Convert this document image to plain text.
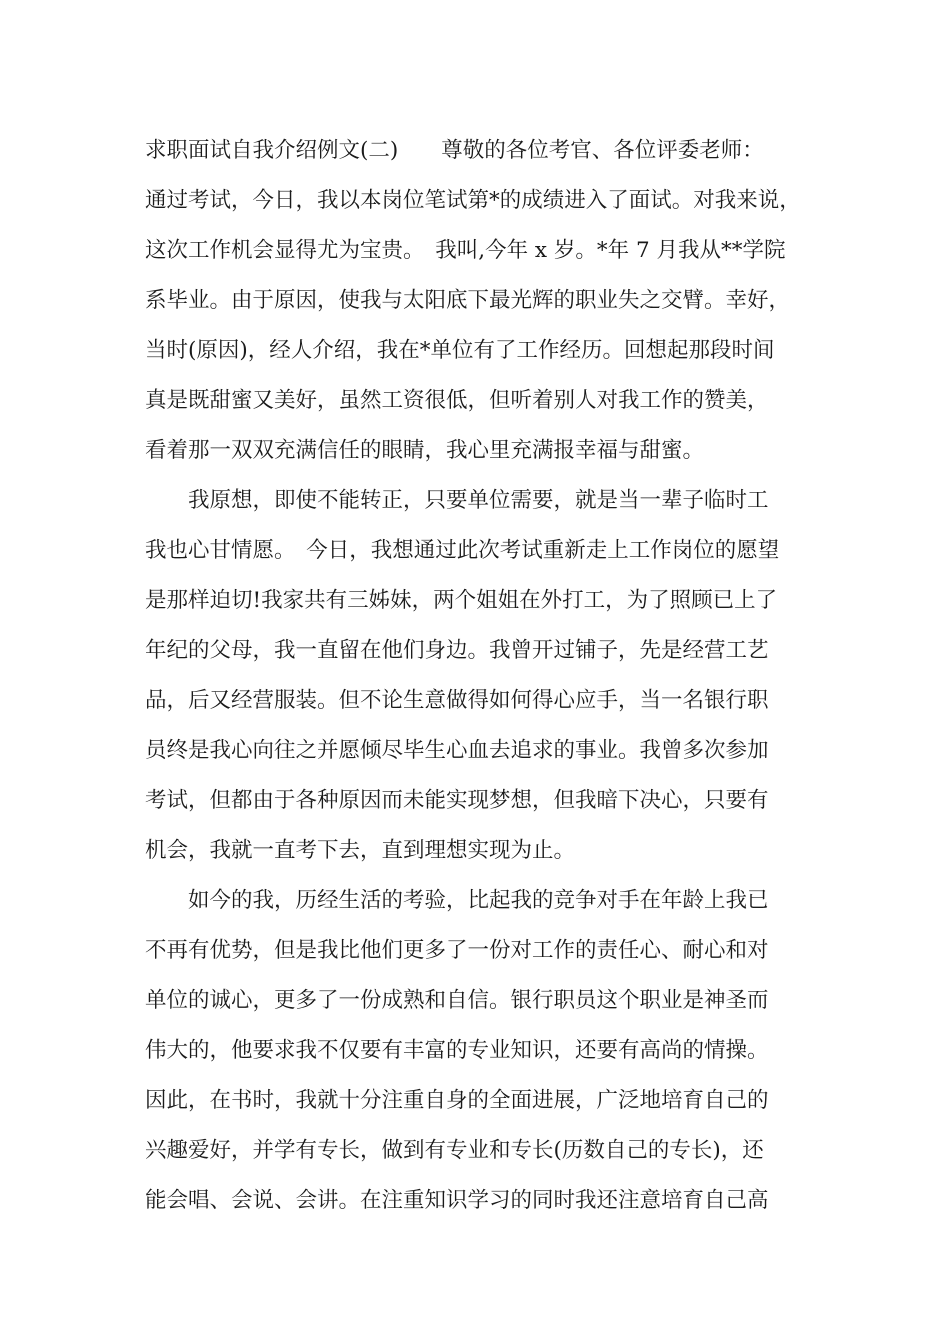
求职面试自我介绍例文(二)　　尊敬的各位考官、各位评委老师：
通过考试，今日，我以本岗位笔试第*的成绩进入了面试。对我来说，
这次工作机会显得尤为宝贵。　我叫,今年 x 岁。*年 7 月我从**学院
系毕业。由于原因，使我与太阳底下最光辉的职业失之交臂。幸好，
当时(原因)，经人介绍，我在*单位有了工作经历。回想起那段时间
真是既甜蜜又美好，虽然工资很低，但听着别人对我工作的赞美，
看着那一双双充满信任的眼睛，我心里充满报幸福与甜蜜。
　　我原想，即使不能转正，只要单位需要，就是当一辈子临时工
我也心甘情愿。　今日，我想通过此次考试重新走上工作岗位的愿望
是那样迫切!我家共有三姊妹，两个姐姐在外打工，为了照顾已上了
年纪的父母，我一直留在他们身边。我曾开过铺子，先是经营工艺
品，后又经营服装。但不论生意做得如何得心应手，当一名银行职
员终是我心向往之并愿倾尽毕生心血去追求的事业。我曾多次参加
考试，但都由于各种原因而未能实现梦想，但我暗下决心，只要有
机会，我就一直考下去，直到理想实现为止。
　　如今的我，历经生活的考验，比起我的竞争对手在年龄上我已
不再有优势，但是我比他们更多了一份对工作的责任心、耐心和对
单位的诚心，更多了一份成熟和自信。银行职员这个职业是神圣而
伟大的，他要求我不仅要有丰富的专业知识，还要有高尚的情操。
因此，在书时，我就十分注重自身的全面进展，广泛地培育自己的
兴趣爱好，并学有专长，做到有专业和专长(历数自己的专长)，还
能会唱、会说、会讲。在注重知识学习的同时我还注意培育自己高
